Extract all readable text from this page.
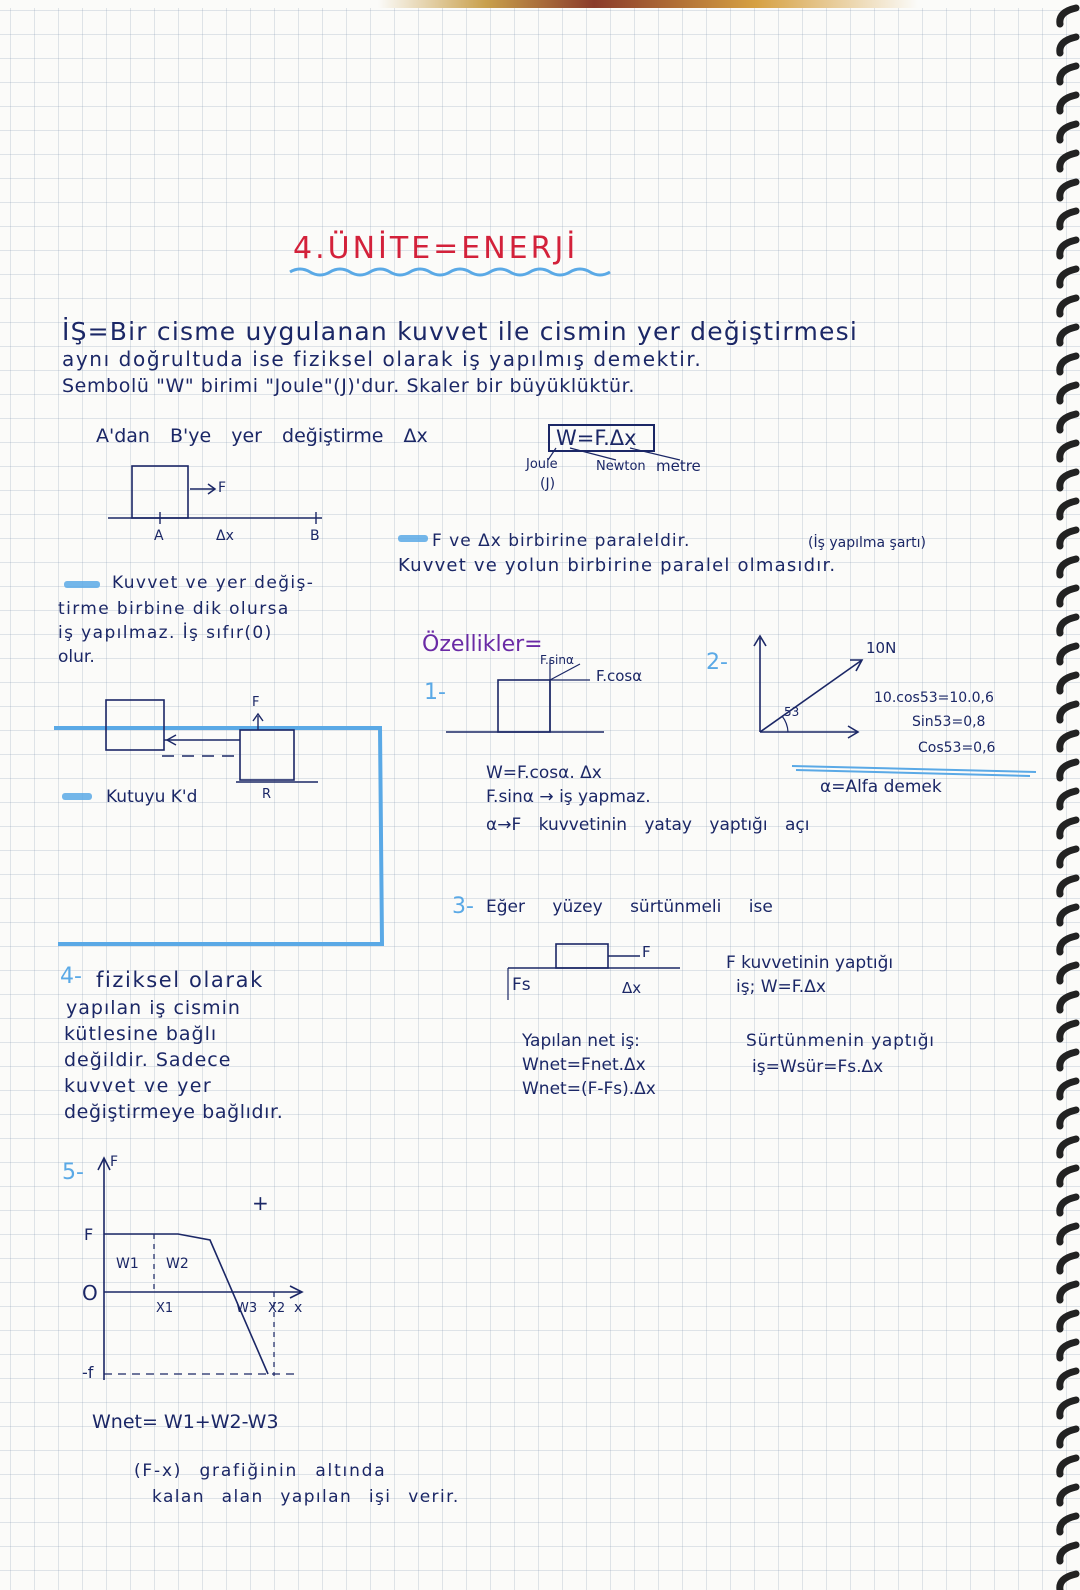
4.ÜNİTE=ENERJİ
İŞ=Bir cisme uygulanan kuvvet ile cismin yer değiştirmesi
aynı doğrultuda ise fiziksel olarak iş yapılmış demektir.
Sembolü "W" birimi "Joule"(J)'dur. Skaler bir büyüklüktür.
A'dan B'ye yer değiştirme Δx	W=F.Δx
Joule
(J)
Newton metre
F
A	Δx	B	F ve Δx birbirine paraleldir.	(İş yapılma şartı)
Kuvvet ve yolun birbirine paralel olmasıdır.
Kuvvet ve yer değiş-
tirme birbine dik olursa
iş yapılmaz. İş sıfır(0)
olur.
F
R
Kutuyu K'd
Özellikler=
F.sinα
F.cosα
1-
W=F.cosα. Δx
F.sinα → iş yapmaz.
α→F kuvvetinin yatay yaptığı açı
2-
53
10N
10.cos53=10.0,6
Sin53=0,8
Cos53=0,6
α=Alfa demek
3- Eğer yüzey sürtünmeli ise
F
Fs	Δx
F kuvvetinin yaptığı
iş; W=F.Δx
Yapılan net iş:
Wnet=Fnet.Δx
Wnet=(F-Fs).Δx
Sürtünmenin yaptığı
iş=Wsür=Fs.Δx
4- fiziksel olarak
yapılan iş cismin
kütlesine bağlı
değildir. Sadece
kuvvet ve yer
değiştirmeye bağlıdır.
5- F
x
F
O
-f
W1 W2
X1	W3 X2
+
Wnet= W1+W2-W3
(F-x) grafiğinin altında
kalan alan yapılan işi verir.
